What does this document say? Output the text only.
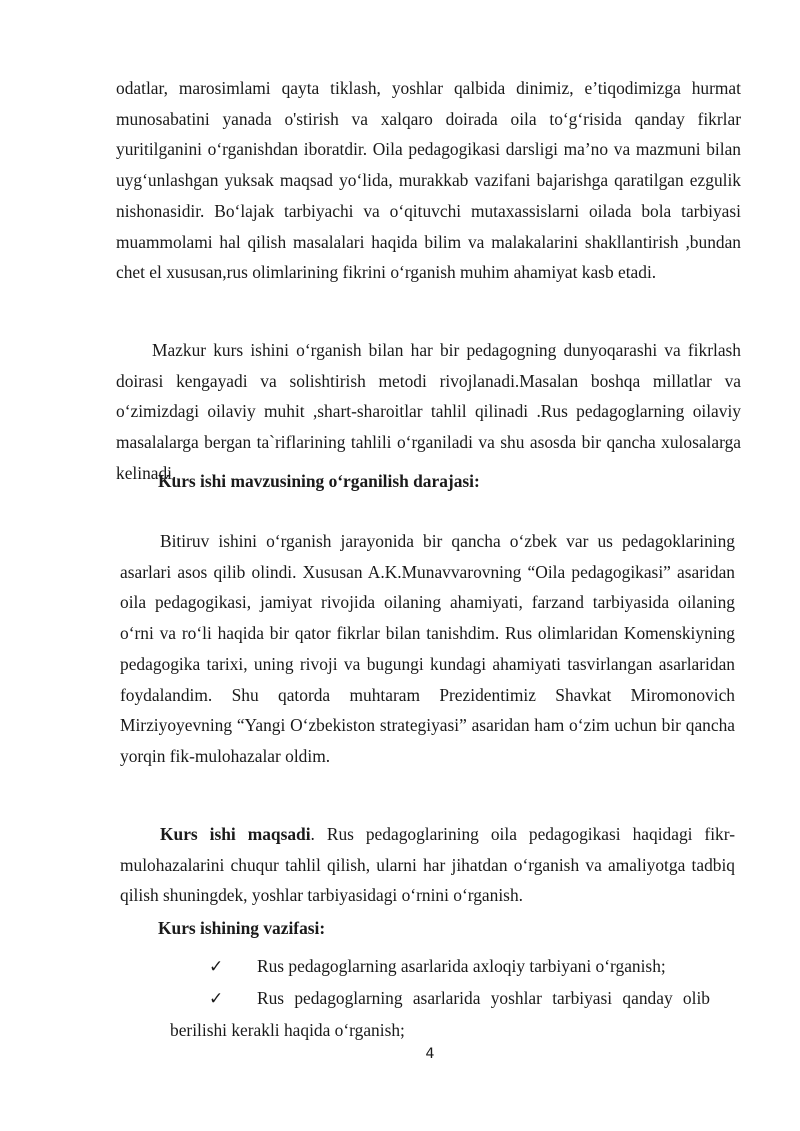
odatlar, marosimlami qayta tiklash, yoshlar qalbida dinimiz, e’tiqodimizga hurmat munosabatini yanada o'stirish va xalqaro doirada oila to‘g‘risida qanday fikrlar yuritilganini o‘rganishdan iboratdir. Oila pedagogikasi darsligi ma’no va mazmuni bilan uyg‘unlashgan yuksak maqsad yo‘lida, murakkab vazifani bajarishga qaratilgan ezgulik nishonasidir. Bo‘lajak tarbiyachi va o‘qituvchi mutaxassislarni oilada bola tarbiyasi muammolami hal qilish masalalari haqida bilim va malakalarini shakllantirish ,bundan chet el xususan,rus olimlarining fikrini o‘rganish muhim ahamiyat kasb etadi.

Mazkur kurs ishini o‘rganish bilan har bir pedagogning dunyoqarashi va fikrlash doirasi kengayadi va solishtirish metodi rivojlanadi.Masalan boshqa millatlar va o‘zimizdagi oilaviy muhit ,shart-sharoitlar tahlil qilinadi .Rus pedagoglarning oilaviy masalalarga bergan ta`riflarining tahlili o‘rganiladi va shu asosda bir qancha xulosalarga kelinadi.

Kurs ishi mavzusining o‘rganilish darajasi:

Bitiruv ishini o‘rganish jarayonida bir qancha o‘zbek var us pedagoklarining asarlari asos qilib olindi. Xususan A.K.Munavvarovning “Oila pedagogikasi” asaridan oila pedagogikasi, jamiyat rivojida oilaning ahamiyati, farzand tarbiyasida oilaning o‘rni va ro‘li haqida bir qator fikrlar bilan tanishdim. Rus olimlaridan Komenskiyning pedagogika tarixi, uning rivoji va bugungi kundagi ahamiyati tasvirlangan asarlaridan foydalandim. Shu qatorda muhtaram Prezidentimiz Shavkat Miromonovich Mirziyoyevning “Yangi O‘zbekiston strategiyasi” asaridan ham o‘zim uchun bir qancha yorqin fik-mulohazalar oldim.

Kurs ishi maqsadi. Rus pedagoglarining oila pedagogikasi haqidagi fikr-mulohazalarini chuqur tahlil qilish, ularni har jihatdan o‘rganish va amaliyotga tadbiq qilish shuningdek, yoshlar tarbiyasidagi o‘rnini o‘rganish.

Kurs ishining vazifasi:

✓ Rus pedagoglarning asarlarida axloqiy tarbiyani o‘rganish;
✓ Rus pedagoglarning asarlarida yoshlar tarbiyasi qanday olib berilishi kerakli haqida o‘rganish;
4
